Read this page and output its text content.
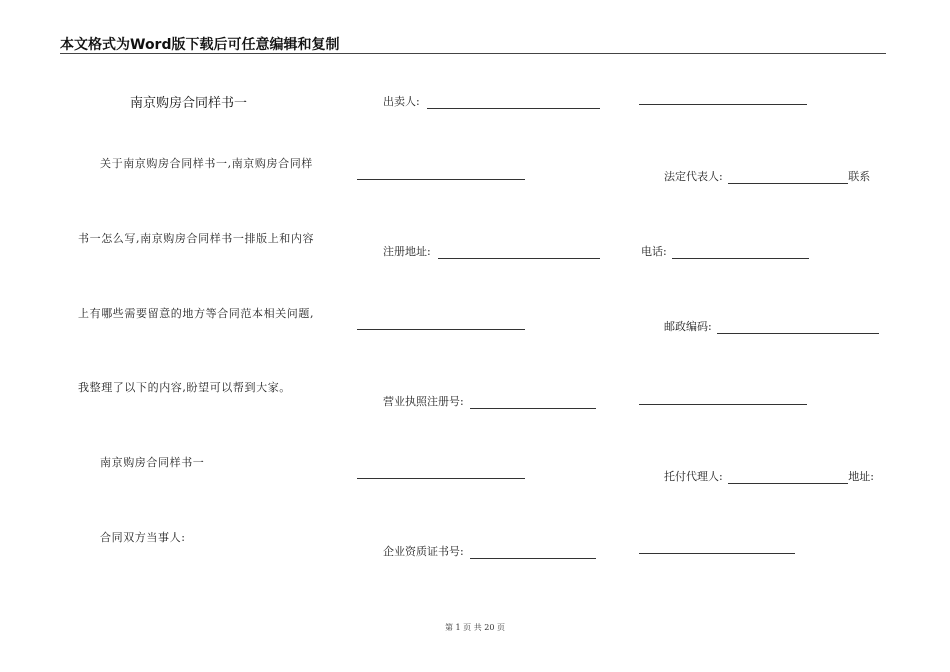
本文格式为Word版下载后可任意编辑和复制
南京购房合同样书一
关于南京购房合同样书一,南京购房合同样
书一怎么写,南京购房合同样书一排版上和内容
上有哪些需要留意的地方等合同范本相关问题,
我整理了以下的内容,盼望可以帮到大家。
南京购房合同样书一
合同双方当事人:
出卖人:
法定代表人:	联系
注册地址:	电话:
邮政编码:
营业执照注册号:
托付代理人:	地址:
企业资质证书号:
第 1 页 共 20 页
